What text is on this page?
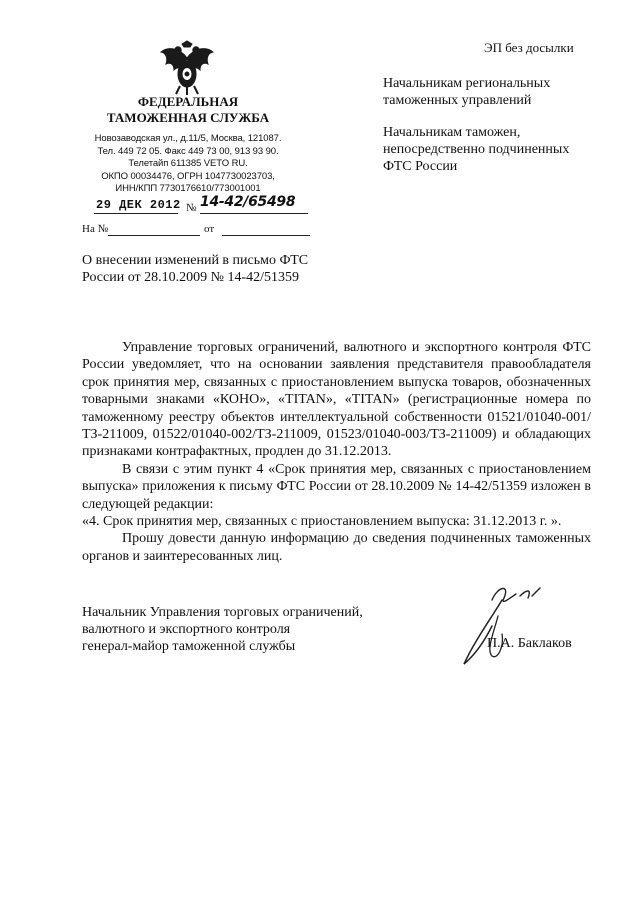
ФЕДЕРАЛЬНАЯ
ТАМОЖЕННАЯ СЛУЖБА
Новозаводская ул., д.11/5, Москва, 121087.
Тел. 449 72 05. Факс 449 73 00, 913 93 90.
Телетайп 611385 VETO RU.
ОКПО 00034476, ОГРН 1047730023703,
ИНН/КПП 7730176610/773001001
29 ДЕК 2012 № 14-42/65498
На №	от
О внесении изменений в письмо ФТС
России от 28.10.2009 № 14-42/51359
ЭП без досылки
Начальникам региональных
таможенных управлений
Начальникам таможен,
непосредственно подчиненных
ФТС России

Управление торговых ограничений, валютного и экспортного контроля ФТС России уведомляет, что на основании заявления представителя правообладателя срок принятия мер, связанных с приостановлением выпуска товаров, обозначенных товарными знаками «КОНО», «TITAN», «TITAN» (регистрационные номера по таможенному реестру объектов интеллектуальной собственности 01521/01040-001/ТЗ-211009, 01522/01040-002/ТЗ-211009, 01523/01040-003/ТЗ-211009) и обладающих признаками контрафактных, продлен до 31.12.2013.

В связи с этим пункт 4 «Срок принятия мер, связанных с приостановлением выпуска» приложения к письму ФТС России от 28.10.2009 № 14-42/51359 изложен в следующей редакции:

«4. Срок принятия мер, связанных с приостановлением выпуска: 31.12.2013 г. ».

Прошу довести данную информацию до сведения подчиненных таможенных органов и заинтересованных лиц.

Начальник Управления торговых ограничений,
валютного и экспортного контроля
генерал-майор таможенной службы	П.А. Баклаков
